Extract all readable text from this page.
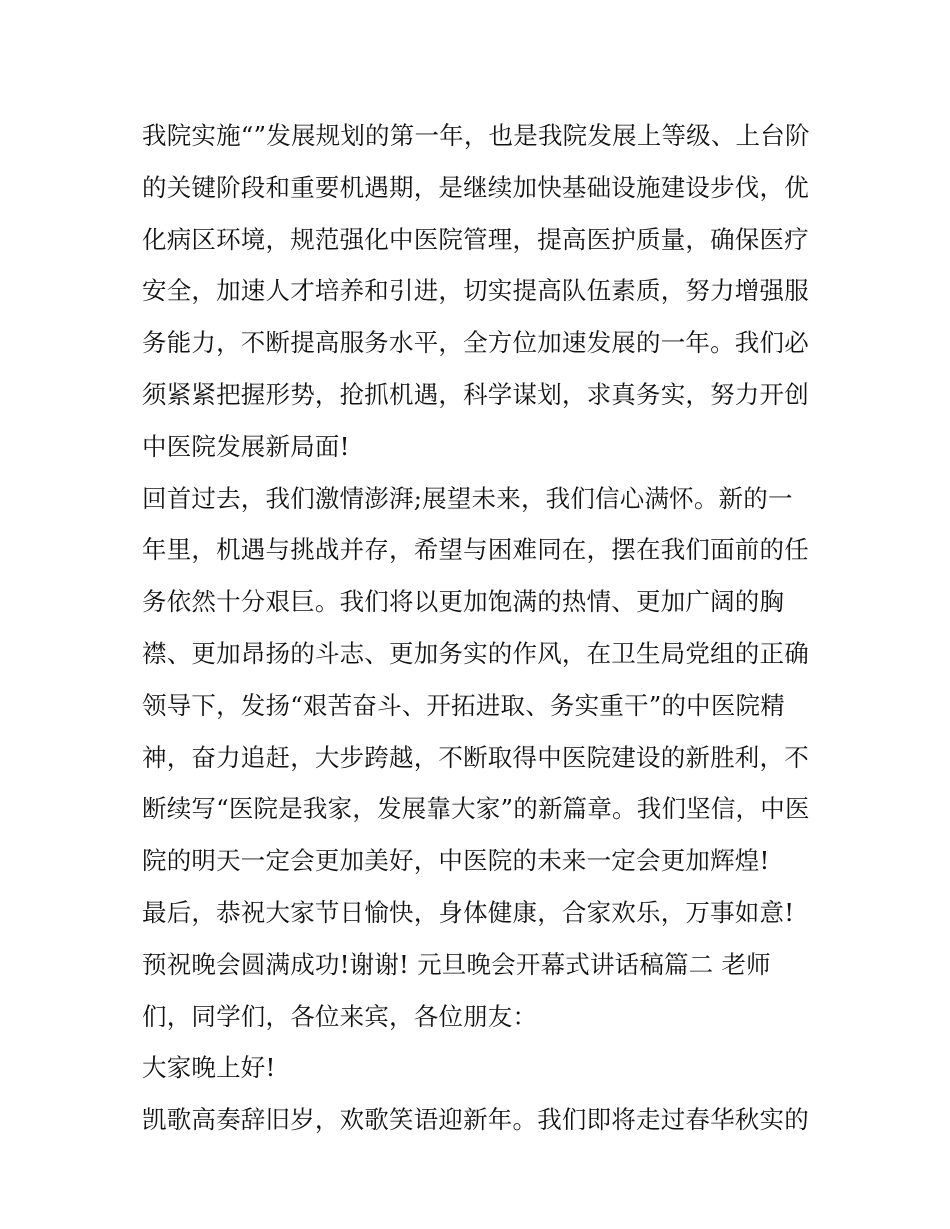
我院实施“”发展规划的第一年，也是我院发展上等级、上台阶
的关键阶段和重要机遇期，是继续加快基础设施建设步伐，优
化病区环境，规范强化中医院管理，提高医护质量，确保医疗
安全，加速人才培养和引进，切实提高队伍素质，努力增强服
务能力，不断提高服务水平，全方位加速发展的一年。我们必
须紧紧把握形势，抢抓机遇，科学谋划，求真务实，努力开创
中医院发展新局面!
回首过去，我们激情澎湃;展望未来，我们信心满怀。新的一
年里，机遇与挑战并存，希望与困难同在，摆在我们面前的任
务依然十分艰巨。我们将以更加饱满的热情、更加广阔的胸
襟、更加昂扬的斗志、更加务实的作风，在卫生局党组的正确
领导下，发扬“艰苦奋斗、开拓进取、务实重干”的中医院精
神，奋力追赶，大步跨越，不断取得中医院建设的新胜利，不
断续写“医院是我家，发展靠大家”的新篇章。我们坚信，中医
院的明天一定会更加美好，中医院的未来一定会更加辉煌!
最后，恭祝大家节日愉快，身体健康，合家欢乐，万事如意!
预祝晚会圆满成功!谢谢! 元旦晚会开幕式讲话稿篇二 老师
们，同学们，各位来宾，各位朋友：
大家晚上好!
凯歌高奏辞旧岁，欢歌笑语迎新年。我们即将走过春华秋实的
